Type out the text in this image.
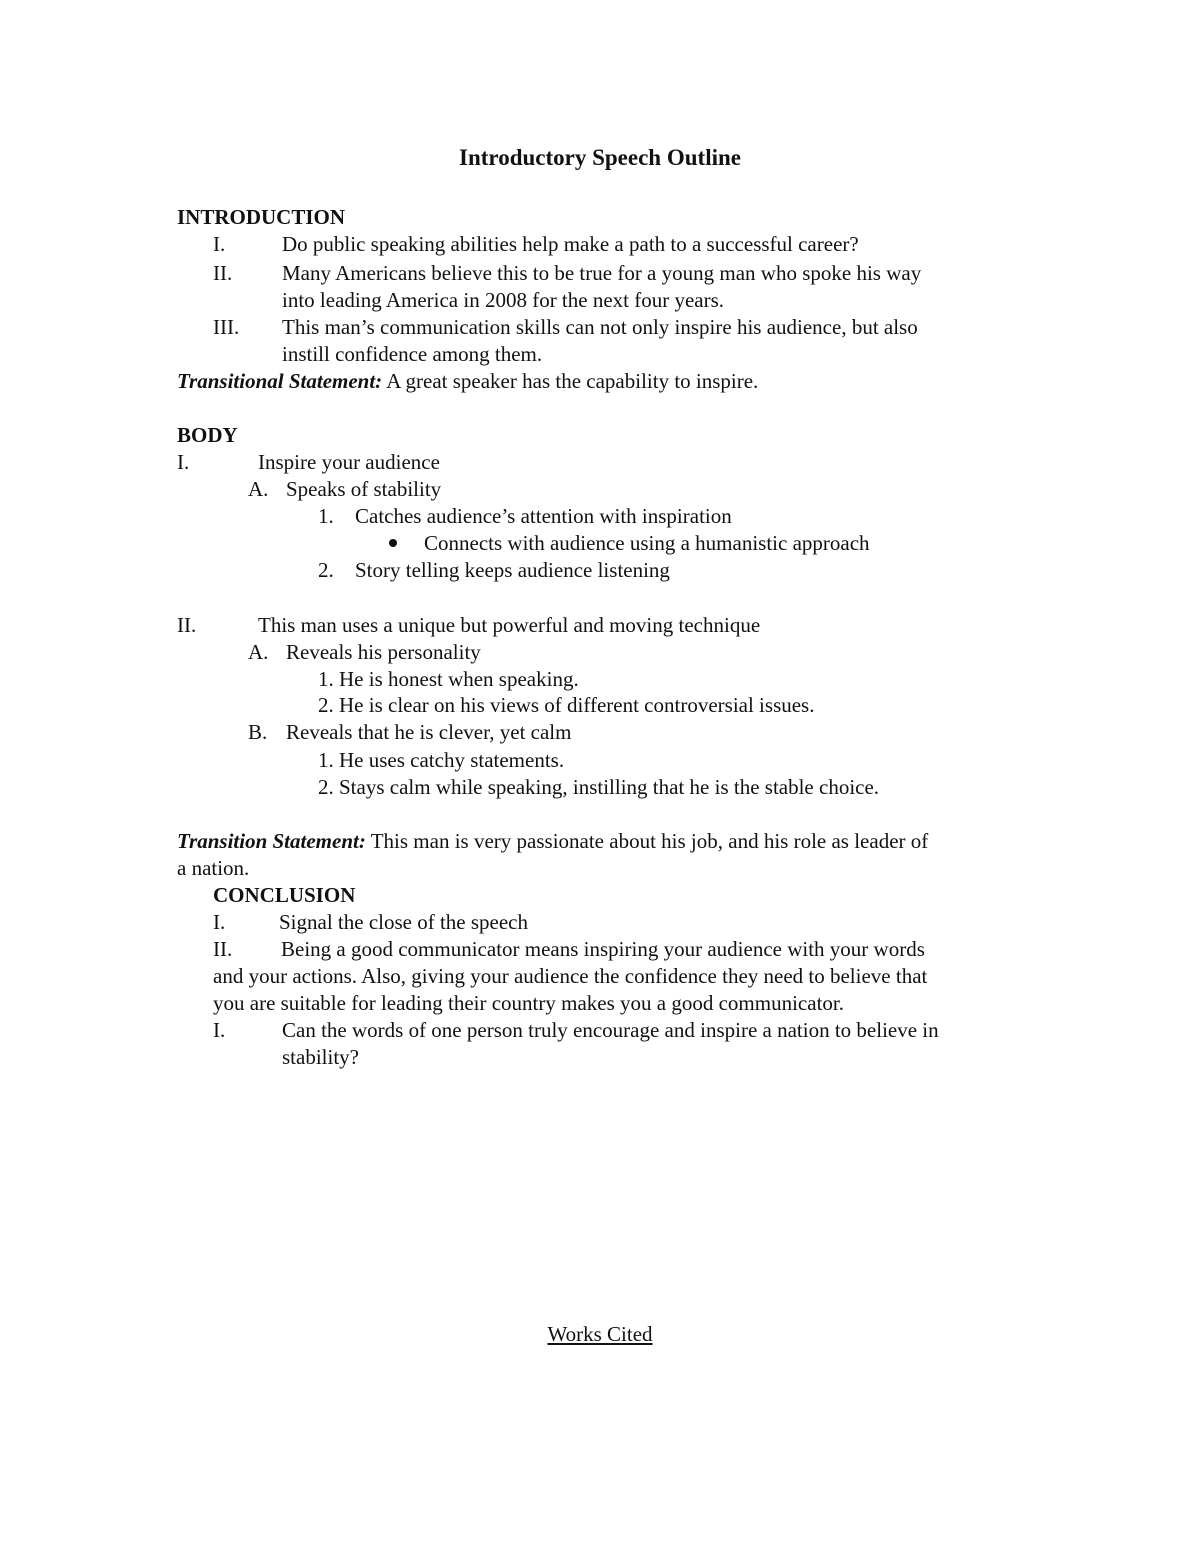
Introductory Speech Outline
INTRODUCTION
I.	Do public speaking abilities help make a path to a successful career?
II. Many Americans believe this to be true for a young man who spoke his way
into leading America in 2008 for the next four years.
III. This man’s communication skills can not only inspire his audience, but also
instill confidence among them.
Transitional Statement: A great speaker has the capability to inspire.
BODY
I.	Inspire your audience
A. Speaks of stability
1. Catches audience’s attention with inspiration
Connects with audience using a humanistic approach
2. Story telling keeps audience listening
II.	This man uses a unique but powerful and moving technique
A. Reveals his personality
1. He is honest when speaking.
2. He is clear on his views of different controversial issues.
B. Reveals that he is clever, yet calm
1. He uses catchy statements.
2. Stays calm while speaking, instilling that he is the stable choice.
Transition Statement: This man is very passionate about his job, and his role as leader of
a nation.
CONCLUSION
I.	Signal the close of the speech
II. Being a good communicator means inspiring your audience with your words
and your actions. Also, giving your audience the confidence they need to believe that
you are suitable for leading their country makes you a good communicator.
I.	Can the words of one person truly encourage and inspire a nation to believe in
stability?
Works Cited
